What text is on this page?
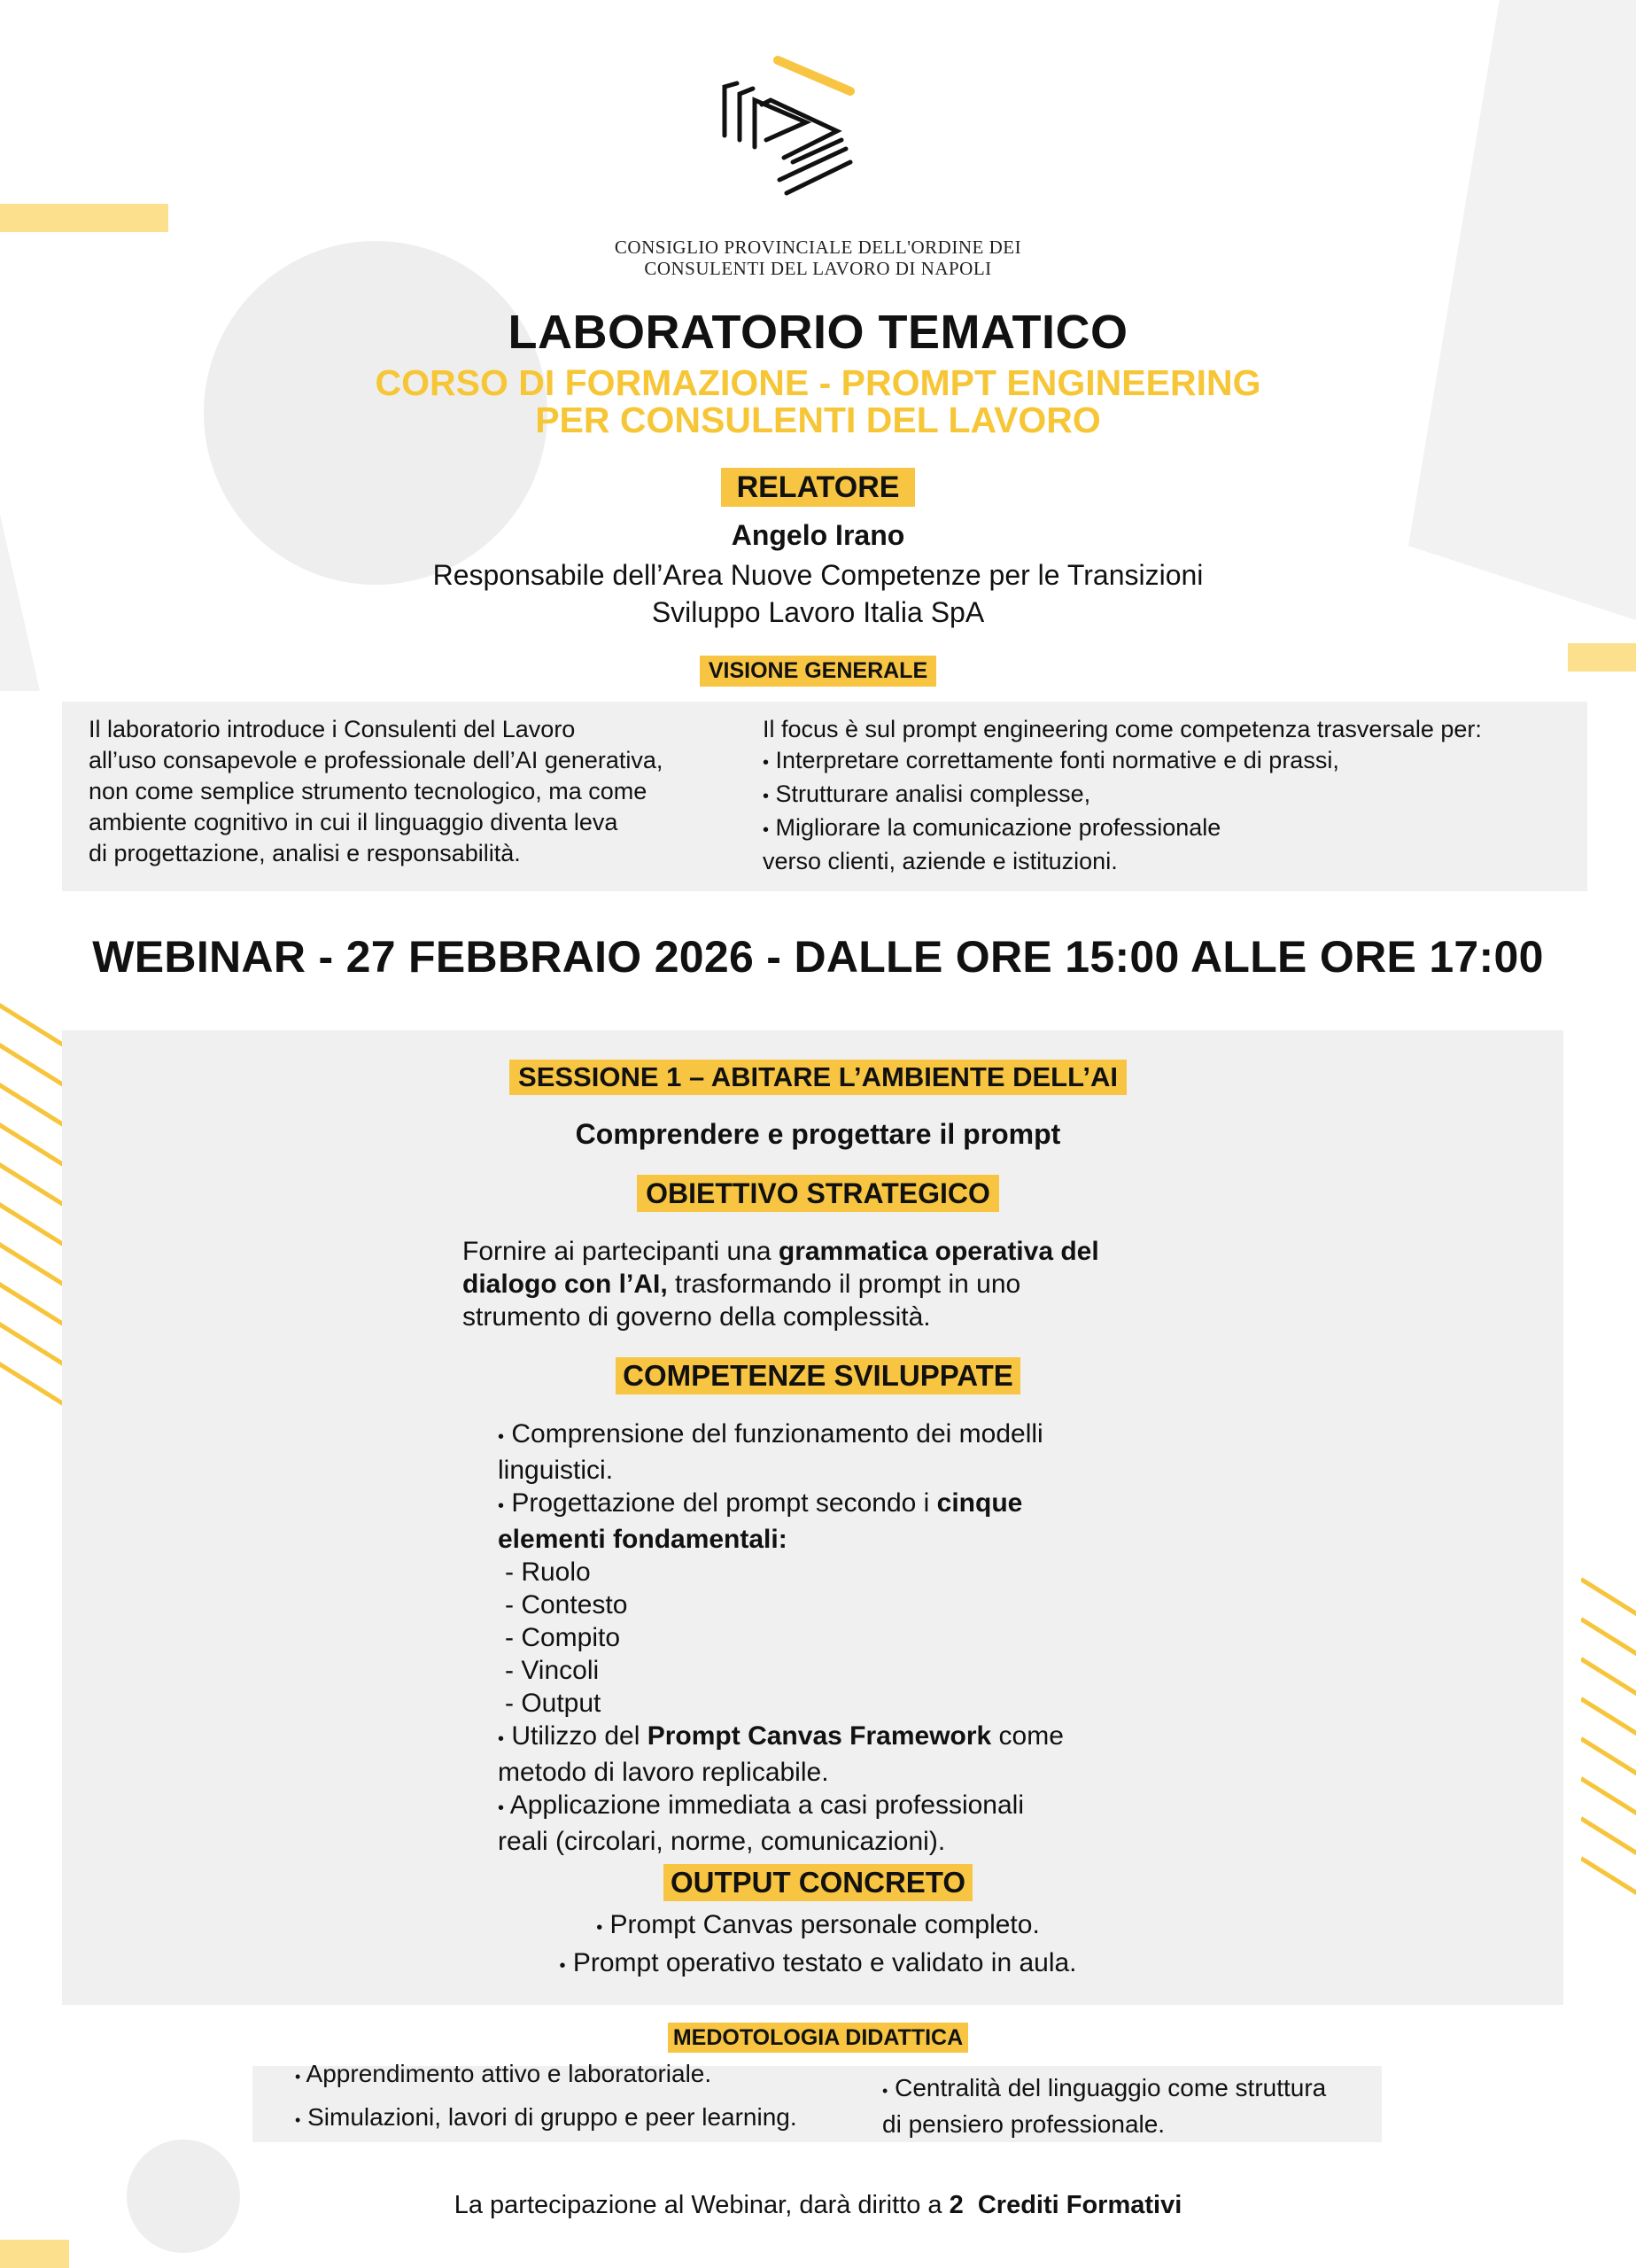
CONSIGLIO PROVINCIALE DELL'ORDINE DEI
CONSULENTI DEL LAVORO DI NAPOLI
LABORATORIO TEMATICO
CORSO DI FORMAZIONE - PROMPT ENGINEERING
PER CONSULENTI DEL LAVORO
RELATORE
Angelo Irano
Responsabile dell’Area Nuove Competenze per le Transizioni
Sviluppo Lavoro Italia SpA
VISIONE GENERALE
Il laboratorio introduce i Consulenti del Lavoro
all’uso consapevole e professionale dell’AI generativa,
non come semplice strumento tecnologico, ma come
ambiente cognitivo in cui il linguaggio diventa leva
di progettazione, analisi e responsabilità.
Il focus è sul prompt engineering come competenza trasversale per:
• Interpretare correttamente fonti normative e di prassi,
• Strutturare analisi complesse,
• Migliorare la comunicazione professionale
verso clienti, aziende e istituzioni.
WEBINAR - 27 FEBBRAIO 2026 - DALLE ORE 15:00 ALLE ORE 17:00
SESSIONE 1 – ABITARE L’AMBIENTE DELL’AI
Comprendere e progettare il prompt
OBIETTIVO STRATEGICO
Fornire ai partecipanti una grammatica operativa del
dialogo con l’AI, trasformando il prompt in uno
strumento di governo della complessità.
COMPETENZE SVILUPPATE
• Comprensione del funzionamento dei modelli
linguistici.
• Progettazione del prompt secondo i cinque
elementi fondamentali:
- Ruolo
- Contesto
- Compito
- Vincoli
- Output
• Utilizzo del Prompt Canvas Framework come
metodo di lavoro replicabile.
• Applicazione immediata a casi professionali
reali (circolari, norme, comunicazioni).
OUTPUT CONCRETO
• Prompt Canvas personale completo.
• Prompt operativo testato e validato in aula.
MEDOTOLOGIA DIDATTICA
• Apprendimento attivo e laboratoriale.
• Simulazioni, lavori di gruppo e peer learning.
• Centralità del linguaggio come struttura
di pensiero professionale.
La partecipazione al Webinar, darà diritto a 2 Crediti Formativi
